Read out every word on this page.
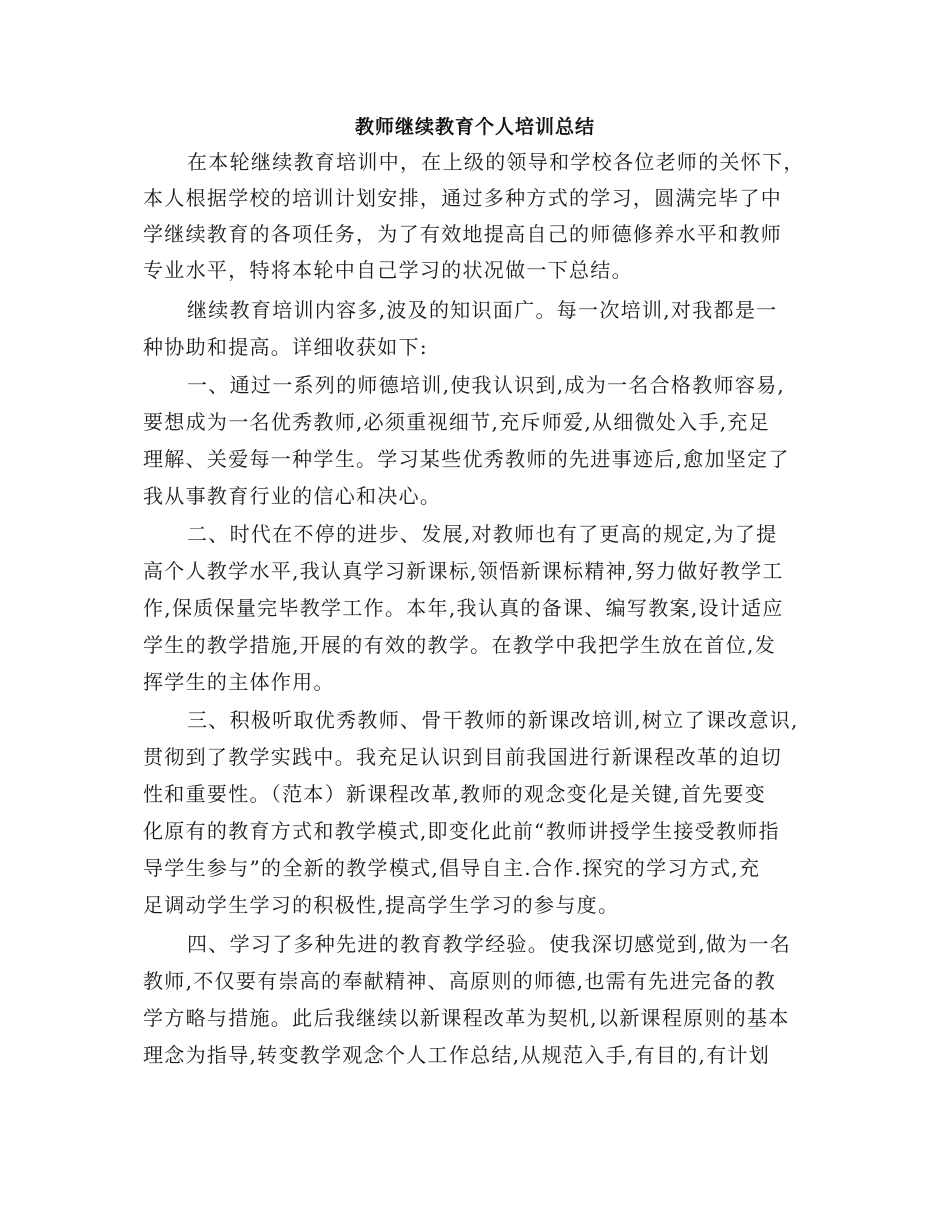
教师继续教育个人培训总结
在本轮继续教育培训中，在上级的领导和学校各位老师的关怀下，
本人根据学校的培训计划安排，通过多种方式的学习，圆满完毕了中
学继续教育的各项任务，为了有效地提高自己的师德修养水平和教师
专业水平，特将本轮中自己学习的状况做一下总结。
继续教育培训内容多,波及的知识面广。每一次培训,对我都是一
种协助和提高。详细收获如下:
一、通过一系列的师德培训,使我认识到,成为一名合格教师容易,
要想成为一名优秀教师,必须重视细节,充斥师爱,从细微处入手,充足
理解、关爱每一种学生。学习某些优秀教师的先进事迹后,愈加坚定了
我从事教育行业的信心和决心。
二、时代在不停的进步、发展,对教师也有了更高的规定,为了提
高个人教学水平,我认真学习新课标,领悟新课标精神,努力做好教学工
作,保质保量完毕教学工作。本年,我认真的备课、编写教案,设计适应
学生的教学措施,开展的有效的教学。在教学中我把学生放在首位,发
挥学生的主体作用。
三、积极听取优秀教师、骨干教师的新课改培训,树立了课改意识,
贯彻到了教学实践中。我充足认识到目前我国进行新课程改革的迫切
性和重要性。（范本）新课程改革,教师的观念变化是关键,首先要变
化原有的教育方式和教学模式,即变化此前“教师讲授学生接受教师指
导学生参与”的全新的教学模式,倡导自主.合作.探究的学习方式,充
足调动学生学习的积极性,提高学生学习的参与度。
四、学习了多种先进的教育教学经验。使我深切感觉到,做为一名
教师,不仅要有崇高的奉献精神、高原则的师德,也需有先进完备的教
学方略与措施。此后我继续以新课程改革为契机,以新课程原则的基本
理念为指导,转变教学观念个人工作总结,从规范入手,有目的,有计划
